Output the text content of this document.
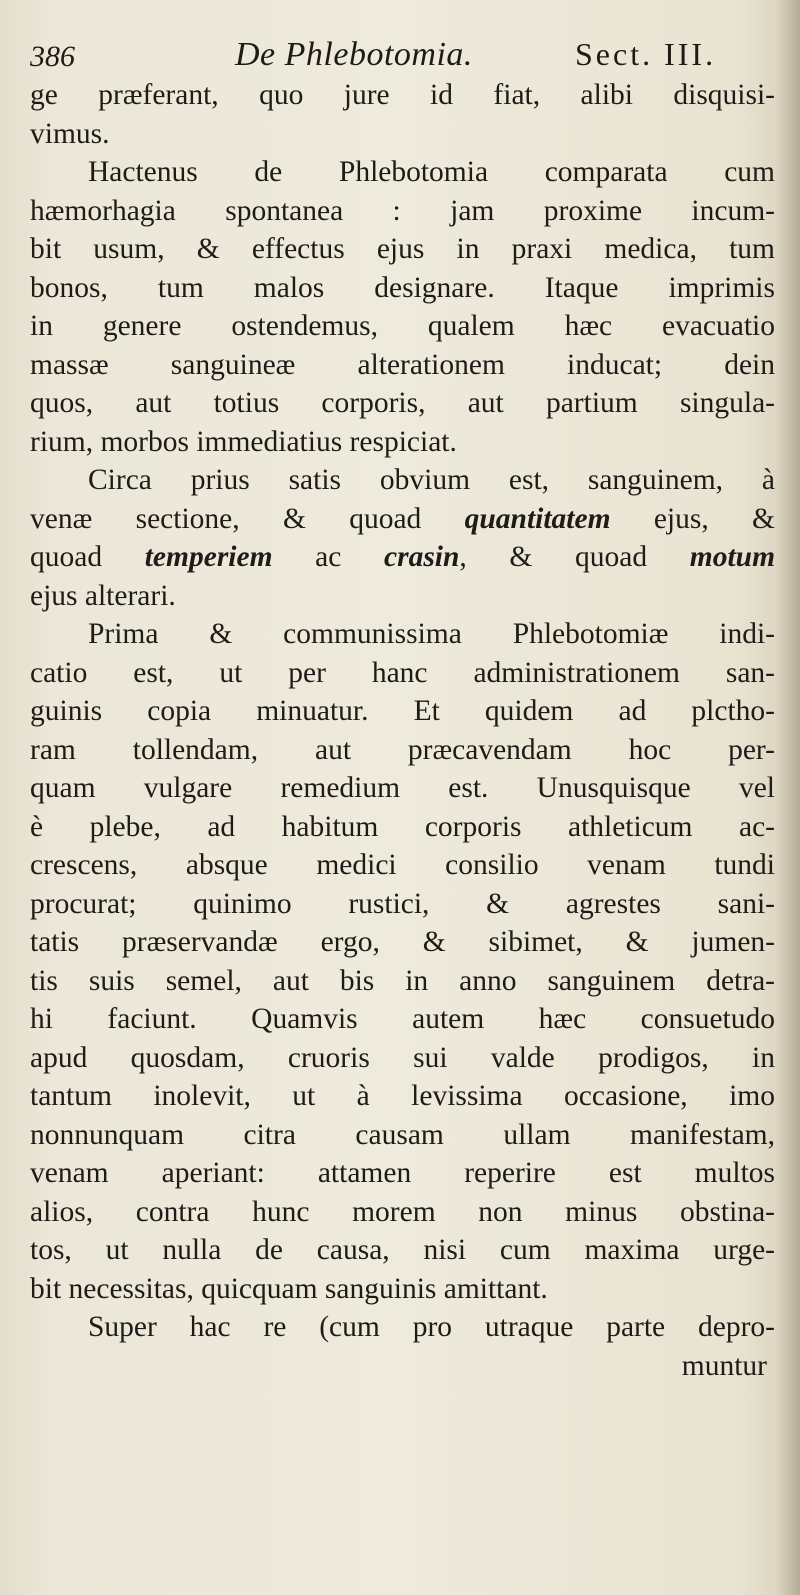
386	De Phlebotomia.	Sect. III.
ge præferant, quo jure id fiat, alibi disquisi-
vimus.
Hactenus de Phlebotomia comparata cum
hæmorhagia spontanea : jam proxime incum-
bit usum, & effectus ejus in praxi medica, tum
bonos, tum malos designare. Itaque imprimis
in genere ostendemus, qualem hæc evacuatio
massæ sanguineæ alterationem inducat; dein
quos, aut totius corporis, aut partium singula-
rium, morbos immediatius respiciat.
Circa prius satis obvium est, sanguinem, à
venæ sectione, & quoad quantitatem ejus, &
quoad temperiem ac crasin, & quoad motum
ejus alterari.
Prima & communissima Phlebotomiæ indi-
catio est, ut per hanc administrationem san-
guinis copia minuatur. Et quidem ad plctho-
ram tollendam, aut præcavendam hoc per-
quam vulgare remedium est. Unusquisque vel
è plebe, ad habitum corporis athleticum ac-
crescens, absque medici consilio venam tundi
procurat; quinimo rustici, & agrestes sani-
tatis præservandæ ergo, & sibimet, & jumen-
tis suis semel, aut bis in anno sanguinem detra-
hi faciunt. Quamvis autem hæc consuetudo
apud quosdam, cruoris sui valde prodigos, in
tantum inolevit, ut à levissima occasione, imo
nonnunquam citra causam ullam manifestam,
venam aperiant: attamen reperire est multos
alios, contra hunc morem non minus obstina-
tos, ut nulla de causa, nisi cum maxima urge-
bit necessitas, quicquam sanguinis amittant.
Super hac re (cum pro utraque parte depro-
muntur
